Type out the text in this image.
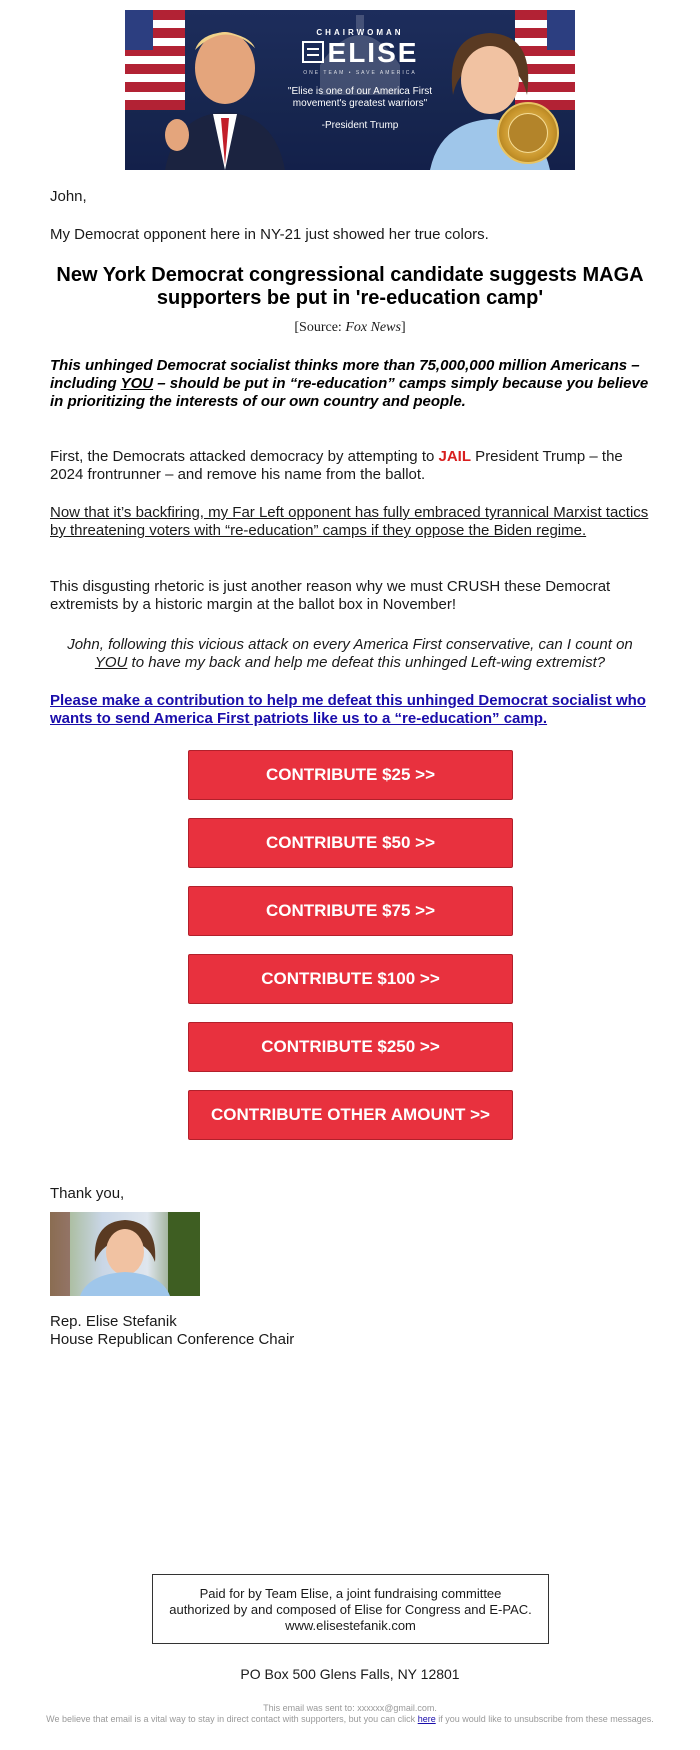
CHAIRWOMAN
ELISE
ONE TEAM • SAVE AMERICA
"Elise is one of our America First movement's greatest warriors"
-President Trump
John,
My Democrat opponent here in NY-21 just showed her true colors.
New York Democrat congressional candidate suggests MAGA supporters be put in 're-education camp'
[Source: Fox News]
This unhinged Democrat socialist thinks more than 75,000,000 million Americans – including YOU – should be put in “re-education” camps simply because you believe in prioritizing the interests of our own country and people.
First, the Democrats attacked democracy by attempting to JAIL President Trump – the 2024 frontrunner – and remove his name from the ballot.
Now that it’s backfiring, my Far Left opponent has fully embraced tyrannical Marxist tactics by threatening voters with “re-education” camps if they oppose the Biden regime.
This disgusting rhetoric is just another reason why we must CRUSH these Democrat extremists by a historic margin at the ballot box in November!
John, following this vicious attack on every America First conservative, can I count on YOU to have my back and help me defeat this unhinged Left-wing extremist?
Please make a contribution to help me defeat this unhinged Democrat socialist who wants to send America First patriots like us to a “re-education” camp.
CONTRIBUTE $25 >>
CONTRIBUTE $50 >>
CONTRIBUTE $75 >>
CONTRIBUTE $100 >>
CONTRIBUTE $250 >>
CONTRIBUTE OTHER AMOUNT >>
Thank you,
Rep. Elise Stefanik
House Republican Conference Chair
Paid for by Team Elise, a joint fundraising committee authorized by and composed of Elise for Congress and E-PAC. www.elisestefanik.com
PO Box 500 Glens Falls, NY 12801
This email was sent to: xxxxxx@gmail.com.
We believe that email is a vital way to stay in direct contact with supporters, but you can click here if you would like to unsubscribe from these messages.
